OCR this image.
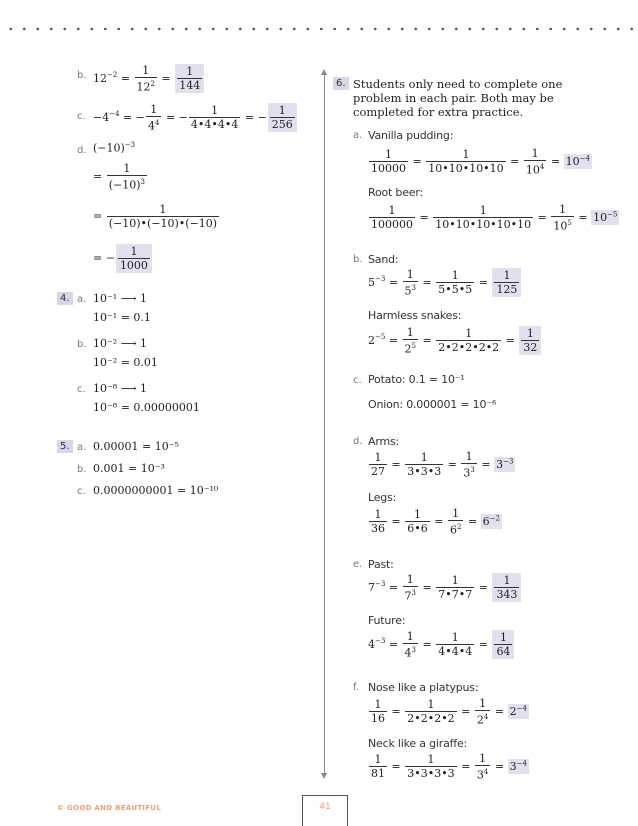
b. $12^{-2} = \frac{1}{12^2} = \frac{1}{144}$
c. $-4^{-4}$ = − $\frac{1}{4^4}$ = − $\frac{1}{4•4•4•4}$ = − $\frac{1}{256}$
d. $(-10)^{-3}$
= $\frac{1}{(-10)^3}$
= $\frac{1}{(-10)•(-10)•(-10)}$
= − $\frac{1}{1000}$
4. a. 10⁻¹ ⟶ 1
10⁻¹ = 0.1
b. 10⁻² ⟶ 1
10⁻² = 0.01
c. 10⁻⁸ ⟶ 1
10⁻⁸ = 0.00000001
5. a. 0.00001 = 10⁻⁵
b. 0.001 = 10⁻³
c. 0.0000000001 = 10⁻¹⁰
6. Students only need to complete one problem in each pair. Both may be completed for extra practice.
a. Vanilla pudding:
$\frac{1}{10000} = \frac{1}{10•10•10•10} = \frac{1}{10^4} = 10^{-4}$
Root beer:
$\frac{1}{100000} = \frac{1}{10•10•10•10•10} = \frac{1}{10^5} = 10^{-5}$
b. Sand:
$5^{-3} = \frac{1}{5^3} = \frac{1}{5•5•5} = \frac{1}{125}$
Harmless snakes:
$2^{-5} = \frac{1}{2^5} = \frac{1}{2•2•2•2•2} = \frac{1}{32}$
c. Potato: 0.1 = 10⁻¹
Onion: 0.000001 = 10⁻⁶
d. Arms:
$\frac{1}{27} = \frac{1}{3•3•3} = \frac{1}{3^3} = 3^{-3}$
Legs:
$\frac{1}{36} = \frac{1}{6•6} = \frac{1}{6^2} = 6^{-2}$
e. Past:
$7^{-3} = \frac{1}{7^3} = \frac{1}{7•7•7} = \frac{1}{343}$
Future:
$4^{-3} = \frac{1}{4^3} = \frac{1}{4•4•4} = \frac{1}{64}$
f. Nose like a platypus:
$\frac{1}{16} = \frac{1}{2•2•2•2} = \frac{1}{2^4} = 2^{-4}$
Neck like a giraffe:
$\frac{1}{81} = \frac{1}{3•3•3•3} = \frac{1}{3^4} = 3^{-4}$
© GOOD AND BEAUTIFUL	41
